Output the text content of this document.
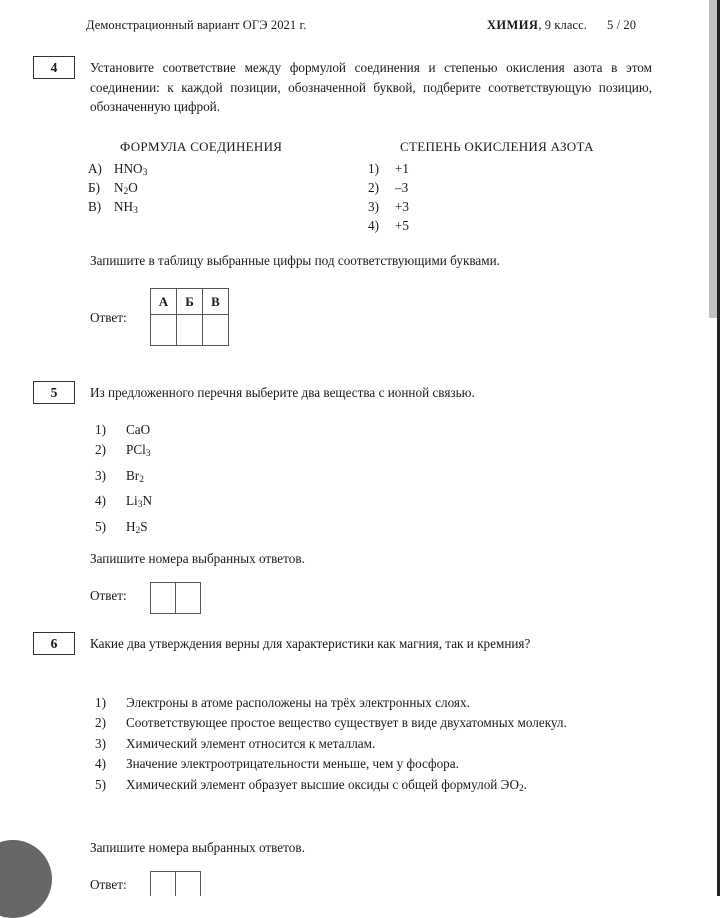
Демонстрационный вариант ОГЭ 2021 г.	ХИМИЯ, 9 класс. 5 / 20
4	Установите соответствие между формулой соединения и степенью окисления азота в этом соединении: к каждой позиции, обозначенной буквой, подберите соответствующую позицию, обозначенную цифрой.
ФОРМУЛА СОЕДИНЕНИЯ	СТЕПЕНЬ ОКИСЛЕНИЯ АЗОТА
А) $HNO_3$
Б) $N_2O$
В) $NH_3$
1) +1
2) –3
3) +3
4) +5
Запишите в таблицу выбранные цифры под соответствующими буквами.
Ответ:
А	Б	В

5	Из предложенного перечня выберите два вещества с ионной связью.
1) CaO
2) PCl$_3$
3) $Br_2$
4) $Li_3N$
5) $H_2S$
Запишите номера выбранных ответов.
Ответ:

6	Какие два утверждения верны для характеристики как магния, так и кремния?
1) Электроны в атоме расположены на трёх электронных слоях.
2) Соответствующее простое вещество существует в виде двухатомных молекул.
3) Химический элемент относится к металлам.
4) Значение электроотрицательности меньше, чем у фосфора.
5) Химический элемент образует высшие оксиды с общей формулой $ЭО_2$.
Запишите номера выбранных ответов.
Ответ:
